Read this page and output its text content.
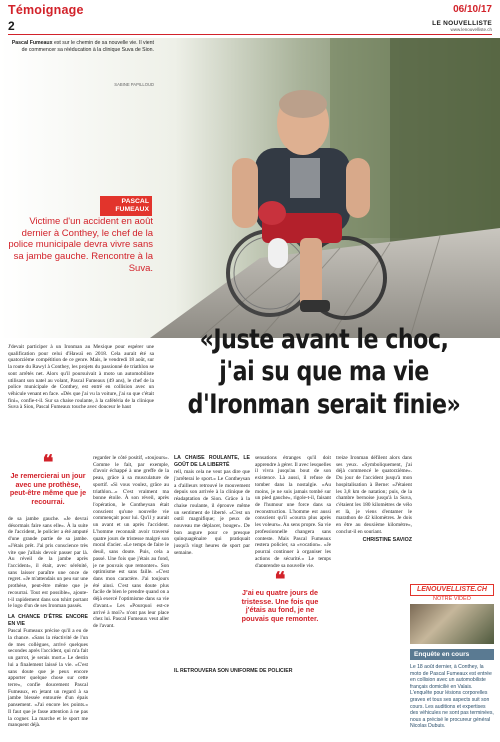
Témoignage	06/10/17
2	LE NOUVELLISTE
www.lenouvelliste.ch
Pascal Fumeaux est sur le chemin de sa nouvelle vie. Il vient de commencer sa rééducation à la clinique Suva de Sion.
SABINE PAPILLOUD
PASCAL
FUMEAUX
Victime d'un accident en août dernier à Conthey, le chef de la police municipale devra vivre sans sa jambe gauche. Rencontre à la Suva.
«Juste avant le choc,
j'ai su que ma vie
d'Ironman serait finie»

J'devait participer à un Ironman au Mexique pour espérer une qualification pour celui d'Hawaï en 2018. Cela aurait été sa quatorzième compétition de ce genre. Mais, le vendredi 18 août, sur la route du Rawyl à Conthey, les projets du passionné de triathlon se sont arrêtés net. Alors qu'il poursuivait à moto un automobiliste utilisant son natel au volant, Pascal Fumeaux (49 ans), le chef de la police municipale de Conthey, est entré en collision avec un véhicule venant en face. «Dès que j'ai vu la voiture, j'ai su que c'était fini», confie-t-il. Sur sa chaise roulante, à la cafétéria de la clinique Suva à Sion, Pascal Fumeaux touche avec douceur le haut

❝
Je remercierai un jour avec une prothèse, peut-être même que je recourrai.

de sa jambe gauche. «Je devrai désormais faire sans elle». À la suite de l'accident, le policier a été amputé d'une grande partie de sa jambe. «J'étais prêt. J'ai pris conscience très vite que j'allais devoir passer par là. Au réveil de la jambe après l'accident», il était, avec sérénité, sans laisser paraître une once de regret. «Je m'attendais un peu sur une prothèse, peut-être même que je recourrai. Tout est possible», ajoute-t-il rapidement dans son tshirt portant le logo d'un de ses Ironman passés.

LA CHANCE D'ÊTRE ENCORE EN VIE

Pascal Fumeaux précise qu'il a eu de la chance. «Sans la réactivité de l'un de mes collègues, arrivé quelques secondes après l'accident, qui m'a fait un garrot, je serais mort.» Le destin lui a finalement laissé la vie. «C'est sans doute que je peux encore apporter quelque chose sur cette terre», confie doucement Pascal Fumeaux, en jetant un regard à sa jambe blessée entourée d'un épais pansement. «J'ai encore les points.» Il faut que je fasse attention à ne pas la cogner. La marche et le sport me manquent déjà.

regarder le côté positif, «toujours». Comme le fait, par exemple, d'avoir échappé à une greffe de la peau, grâce à sa musculature de sportif. «Si vous voulez, grâce au triathlon...» C'est vraiment ma bonne étoile. À son réveil, après l'opération, le Contheysan était conscient qu'une nouvelle vie commençait pour lui. Qu'il y aurait un avant et un après l'accident. L'homme reconnaît avoir traversé quatre jours de tristesse malgré son moral d'acier. «Le temps de faire le deuil, sans doute. Puis, cela a passé. Une fois que j'étais au fond, je ne pouvais que remonter». Son optimisme est sans faille. «C'est dans mon caractère. J'ai toujours été ainsi. C'est sans doute plus facile de bien le prendre quand on a déjà exercé l'optimisme dans sa vie d'avant.» Les «Pourquoi est-ce arrivé à moi?» n'ont pas leur place chez lui. Pascal Fumeaux veut aller de l'avant.

LA CHAISE ROULANTE, LE GOÛT DE LA LIBERTÉ

rell, mais cela ne veut pas dire que j'arrêterai le sport.» Le Contheysan a d'ailleurs retrouvé le mouvement depuis son arrivée à la clinique de réadaptation de Sion. Grâce à la chaise roulante, il éprouve même un sentiment de liberté. «C'est un outil magnifique; je peux de nouveau me déplacer, bouger». De bon augure pour ce presque quinquagénaire qui pratiquait jusqu'à vingt heures de sport par semaine.

❝
J'ai eu quatre jours de tristesse. Une fois que j'étais au fond, je ne pouvais que remonter.
IL RETROUVERA SON UNIFORME DE POLICIER

sensations étranges qu'il doit apprendre à gérer. Il avec lesquelles il vivra jusqu'au bout de son existence. Là aussi, il refuse de tomber dans la nostalgie. «Au moins, je ne suis jamais tombé sur un pied gauche», rigole-t-il, faisant de l'humour une force dans sa reconstruction. L'homme est aussi conscient qu'il «courra plus après les voleurs». Au sens propre. Sa vie professionnelle changera sans conteste. Mais Pascal Fumeaux restera policier, sa «vocation». «Je pourrai continuer à organiser les actions de sécurité.» Le temps d'apprendre sa nouvelle vie.

treize Ironman défilent alors dans ses yeux. «Symboliquement, j'ai déjà commencé le quatorzième». Du jour de l'accident jusqu'à mon hospitalisation à Berne: «J'étaient les 3,8 km de natation; puis, de la chambre bernoise jusqu'à la Suva, c'étaient les 180 kilomètres de vélo et là, je viens d'entamer le marathon de 42 kilomètres. Je dois en être au deuxième kilomètre», conclut-il en souriant.

CHRISTINE SAVIOZ
LENOUVELLISTE.CH
NOTRE VIDÉO
Enquête en cours
Le 18 août dernier, à Conthey, la moto de Pascal Fumeaux est entrée en collision avec un automobiliste français domicilié en Valais. L'enquête pour lésions corporelles graves et tous ses aspects suit son cours. Les auditions et expertises des véhicules ne sont pas terminées, nous a précisé le procureur général Nicolas Dubuis.
